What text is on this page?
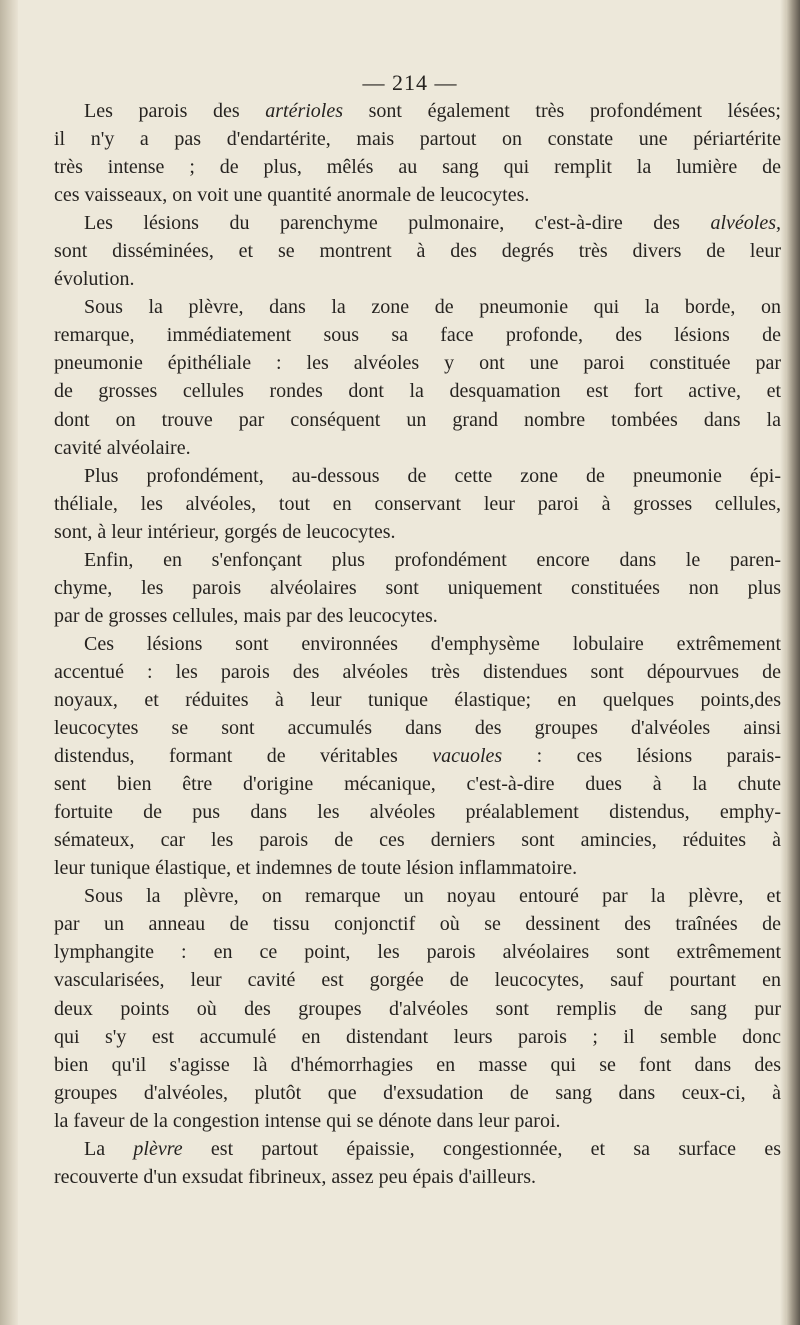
— 214 —
Les parois des artérioles sont également très profondément lésées;
il n'y a pas d'endartérite, mais partout on constate une périartérite
très intense ; de plus, mêlés au sang qui remplit la lumière de
ces vaisseaux, on voit une quantité anormale de leucocytes.
Les lésions du parenchyme pulmonaire, c'est-à-dire des alvéoles,
sont disséminées, et se montrent à des degrés très divers de leur
évolution.
Sous la plèvre, dans la zone de pneumonie qui la borde, on
remarque, immédiatement sous sa face profonde, des lésions de
pneumonie épithéliale : les alvéoles y ont une paroi constituée par
de grosses cellules rondes dont la desquamation est fort active, et
dont on trouve par conséquent un grand nombre tombées dans la
cavité alvéolaire.
Plus profondément, au-dessous de cette zone de pneumonie épi-
théliale, les alvéoles, tout en conservant leur paroi à grosses cellules,
sont, à leur intérieur, gorgés de leucocytes.
Enfin, en s'enfonçant plus profondément encore dans le paren-
chyme, les parois alvéolaires sont uniquement constituées non plus
par de grosses cellules, mais par des leucocytes.
Ces lésions sont environnées d'emphysème lobulaire extrêmement
accentué : les parois des alvéoles très distendues sont dépourvues de
noyaux, et réduites à leur tunique élastique; en quelques points,des
leucocytes se sont accumulés dans des groupes d'alvéoles ainsi
distendus, formant de véritables vacuoles : ces lésions parais-
sent bien être d'origine mécanique, c'est-à-dire dues à la chute
fortuite de pus dans les alvéoles préalablement distendus, emphy-
sémateux, car les parois de ces derniers sont amincies, réduites à
leur tunique élastique, et indemnes de toute lésion inflammatoire.
Sous la plèvre, on remarque un noyau entouré par la plèvre, et
par un anneau de tissu conjonctif où se dessinent des traînées de
lymphangite : en ce point, les parois alvéolaires sont extrêmement
vascularisées, leur cavité est gorgée de leucocytes, sauf pourtant en
deux points où des groupes d'alvéoles sont remplis de sang pur
qui s'y est accumulé en distendant leurs parois ; il semble donc
bien qu'il s'agisse là d'hémorrhagies en masse qui se font dans des
groupes d'alvéoles, plutôt que d'exsudation de sang dans ceux-ci, à
la faveur de la congestion intense qui se dénote dans leur paroi.
La plèvre est partout épaissie, congestionnée, et sa surface es
recouverte d'un exsudat fibrineux, assez peu épais d'ailleurs.
